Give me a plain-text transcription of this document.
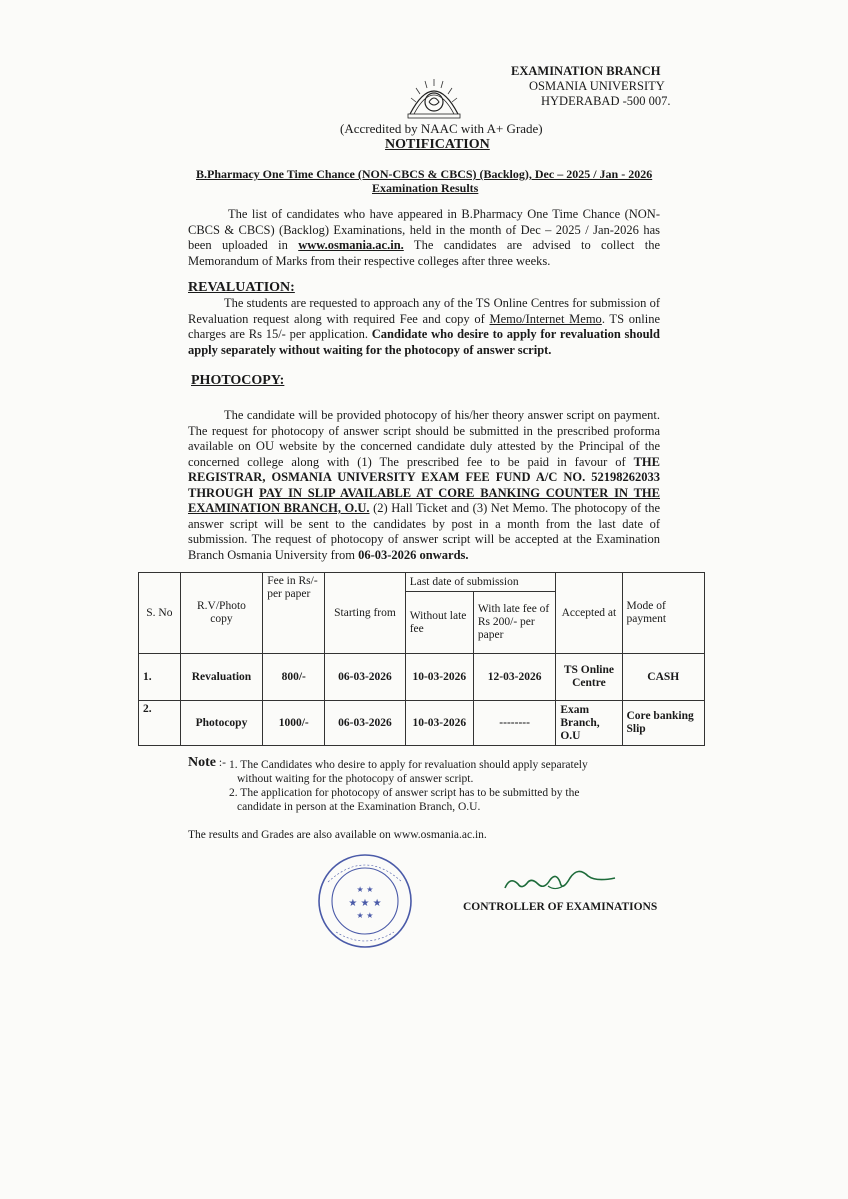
EXAMINATION BRANCH
OSMANIA UNIVERSITY
HYDERABAD -500 007.
(Accredited by NAAC with A+ Grade)
NOTIFICATION
B.Pharmacy One Time Chance (NON-CBCS & CBCS) (Backlog), Dec – 2025 / Jan - 2026
Examination Results
The list of candidates who have appeared in B.Pharmacy One Time Chance (NON-CBCS & CBCS) (Backlog) Examinations, held in the month of Dec – 2025 / Jan-2026 has been uploaded in www.osmania.ac.in. The candidates are advised to collect the Memorandum of Marks from their respective colleges after three weeks.
REVALUATION:
The students are requested to approach any of the TS Online Centres for submission of Revaluation request along with required Fee and copy of Memo/Internet Memo. TS online charges are Rs 15/- per application. Candidate who desire to apply for revaluation should apply separately without waiting for the photocopy of answer script.
PHOTOCOPY:
The candidate will be provided photocopy of his/her theory answer script on payment. The request for photocopy of answer script should be submitted in the prescribed proforma available on OU website by the concerned candidate duly attested by the Principal of the concerned college along with (1) The prescribed fee to be paid in favour of THE REGISTRAR, OSMANIA UNIVERSITY EXAM FEE FUND A/C NO. 52198262033 THROUGH PAY IN SLIP AVAILABLE AT CORE BANKING COUNTER IN THE EXAMINATION BRANCH, O.U. (2) Hall Ticket and (3) Net Memo. The photocopy of the answer script will be sent to the candidates by post in a month from the last date of submission. The request of photocopy of answer script will be accepted at the Examination Branch Osmania University from 06-03-2026 onwards.
S. No	R.V/Photo copy	Fee in Rs/-per paper	Starting from	Last date of submission		Accepted at	Mode of payment
				Without late fee	With late fee of Rs 200/- per paper		
1.	Revaluation	800/-	06-03-2026	10-03-2026	12-03-2026	TS Online Centre	CASH
2.	Photocopy	1000/-	06-03-2026	10-03-2026	--------	Exam Branch, O.U	Core banking Slip
Note :- 1. The Candidates who desire to apply for revaluation should apply separately without waiting for the photocopy of answer script.
2. The application for photocopy of answer script has to be submitted by the candidate in person at the Examination Branch, O.U.
The results and Grades are also available on www.osmania.ac.in.
★ ★ ★
★ ★
★ ★
CONTROLLER OF EXAMINATIONS
